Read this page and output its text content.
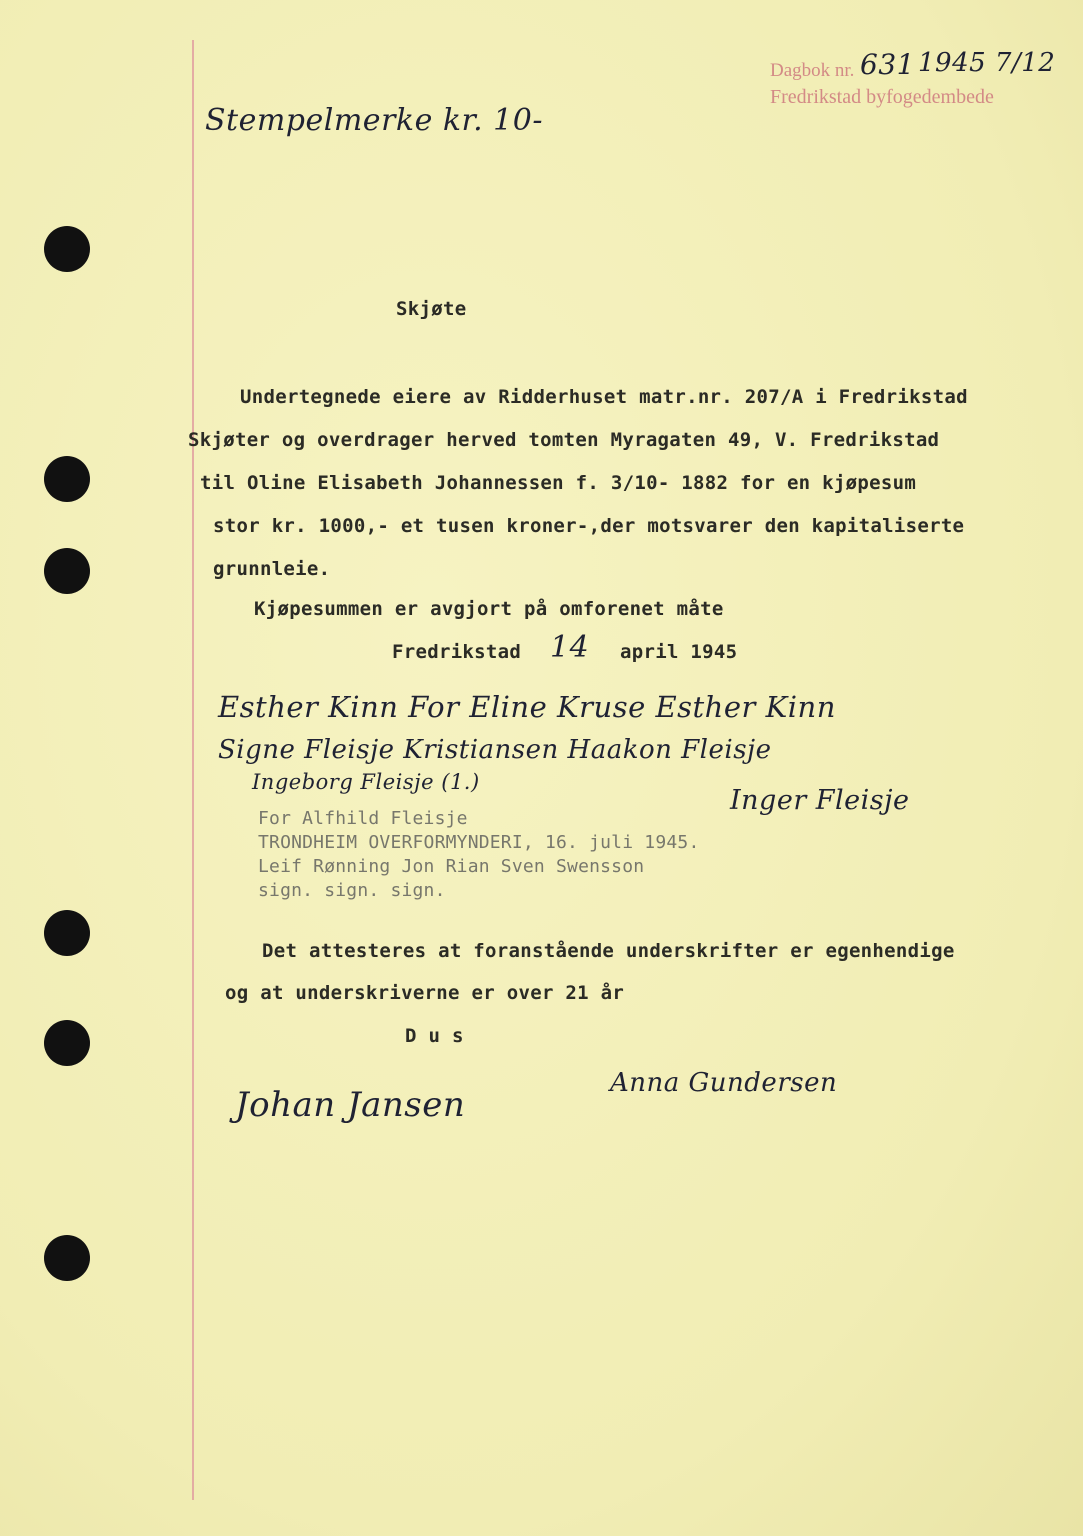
Stempelmerke kr. 10-
Dagbok nr. 631 1945 7/12
Fredrikstad byfogedembede
Skjøte
Undertegnede eiere av Ridderhuset matr.nr. 207/A i Fredrikstad
Skjøter og overdrager herved tomten Myragaten 49, V. Fredrikstad
til Oline Elisabeth Johannessen f. 3/10- 1882 for en kjøpesum
stor kr. 1000,- et tusen kroner-,der motsvarer den kapitaliserte
grunnleie.
Kjøpesummen er avgjort på omforenet måte
Fredrikstad 14 april 1945
Esther Kinn For Eline Kruse Esther Kinn
Signe Fleisje Kristiansen Haakon Fleisje
Ingeborg Fleisje (1.)
Inger Fleisje
For Alfhild Fleisje
TRONDHEIM OVERFORMYNDERI, 16. juli 1945.
Leif Rønning Jon Rian Sven Swensson
sign. sign. sign.
Det attesteres at foranstående underskrifter er egenhendige
og at underskriverne er over 21 år
D u s
Johan Jansen
Anna Gundersen
